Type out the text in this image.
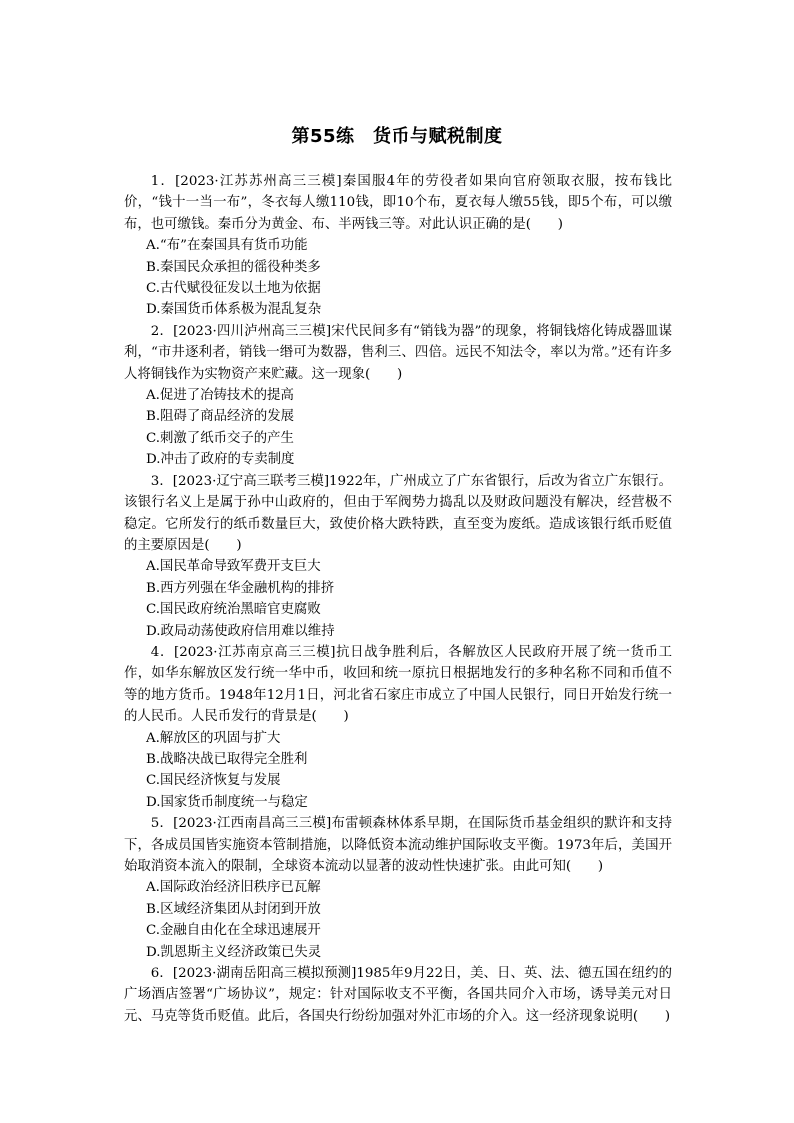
第55练　货币与赋税制度

1．[2023·江苏苏州高三三模]秦国服4年的劳役者如果向官府领取衣服，按布钱比价，“钱十一当一布”，冬衣每人缴110钱，即10个布，夏衣每人缴55钱，即5个布，可以缴布，也可缴钱。秦币分为黄金、布、半两钱三等。对此认识正确的是(　　)

A.“布”在秦国具有货币功能
B.秦国民众承担的徭役种类多
C.古代赋役征发以土地为依据
D.秦国货币体系极为混乱复杂

2．[2023·四川泸州高三三模]宋代民间多有“销钱为器”的现象，将铜钱熔化铸成器皿谋利，“市井逐利者，销钱一缗可为数器，售利三、四倍。远民不知法令，率以为常。”还有许多人将铜钱作为实物资产来贮藏。这一现象(　　)

A.促进了冶铸技术的提高
B.阻碍了商品经济的发展
C.刺激了纸币交子的产生
D.冲击了政府的专卖制度

3．[2023·辽宁高三联考三模]1922年，广州成立了广东省银行，后改为省立广东银行。该银行名义上是属于孙中山政府的，但由于军阀势力捣乱以及财政问题没有解决，经营极不稳定。它所发行的纸币数量巨大，致使价格大跌特跌，直至变为废纸。造成该银行纸币贬值的主要原因是(　　)

A.国民革命导致军费开支巨大
B.西方列强在华金融机构的排挤
C.国民政府统治黑暗官吏腐败
D.政局动荡使政府信用难以维持

4．[2023·江苏南京高三三模]抗日战争胜利后，各解放区人民政府开展了统一货币工作，如华东解放区发行统一华中币，收回和统一原抗日根据地发行的多种名称不同和币值不等的地方货币。1948年12月1日，河北省石家庄市成立了中国人民银行，同日开始发行统一的人民币。人民币发行的背景是(　　)

A.解放区的巩固与扩大
B.战略决战已取得完全胜利
C.国民经济恢复与发展
D.国家货币制度统一与稳定

5．[2023·江西南昌高三三模]布雷顿森林体系早期，在国际货币基金组织的默许和支持下，各成员国皆实施资本管制措施，以降低资本流动维护国际收支平衡。1973年后，美国开始取消资本流入的限制，全球资本流动以显著的波动性快速扩张。由此可知(　　)

A.国际政治经济旧秩序已瓦解
B.区域经济集团从封闭到开放
C.金融自由化在全球迅速展开
D.凯恩斯主义经济政策已失灵

6．[2023·湖南岳阳高三模拟预测]1985年9月22日，美、日、英、法、德五国在纽约的广场酒店签署“广场协议”，规定：针对国际收支不平衡，各国共同介入市场，诱导美元对日元、马克等货币贬值。此后，各国央行纷纷加强对外汇市场的介入。这一经济现象说明(　　)
